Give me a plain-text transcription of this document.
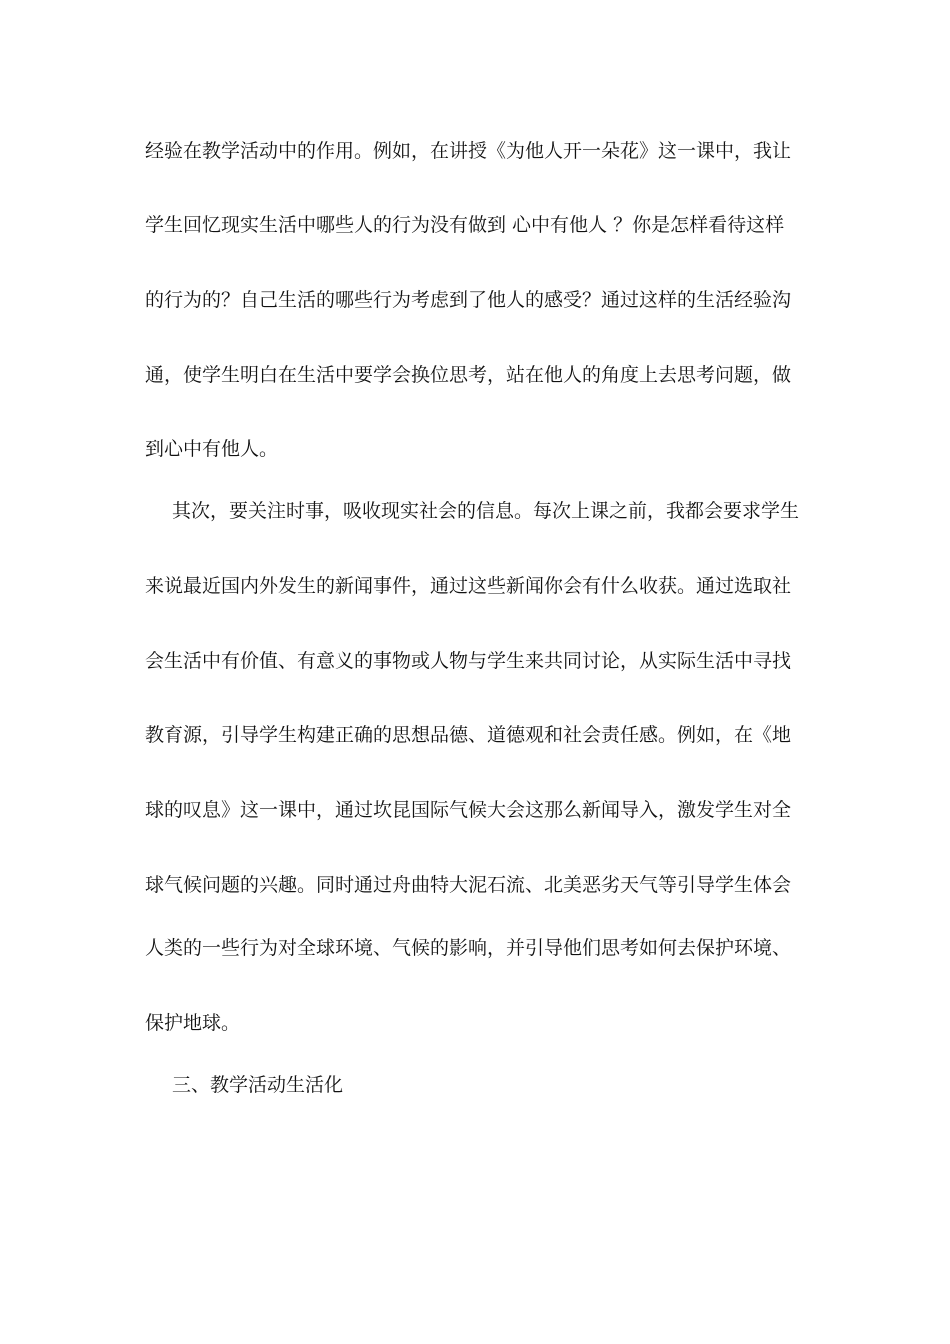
经验在教学活动中的作用。例如，在讲授《为他人开一朵花》这一课中，我让
学生回忆现实生活中哪些人的行为没有做到 心中有他人 ？你是怎样看待这样
的行为的？自己生活的哪些行为考虑到了他人的感受？通过这样的生活经验沟
通，使学生明白在生活中要学会换位思考，站在他人的角度上去思考问题，做
到心中有他人。
其次，要关注时事，吸收现实社会的信息。每次上课之前，我都会要求学生
来说最近国内外发生的新闻事件，通过这些新闻你会有什么收获。通过选取社
会生活中有价值、有意义的事物或人物与学生来共同讨论，从实际生活中寻找
教育源，引导学生构建正确的思想品德、道德观和社会责任感。例如，在《地
球的叹息》这一课中，通过坎昆国际气候大会这那么新闻导入，激发学生对全
球气候问题的兴趣。同时通过舟曲特大泥石流、北美恶劣天气等引导学生体会
人类的一些行为对全球环境、气候的影响，并引导他们思考如何去保护环境、
保护地球。
三、教学活动生活化
